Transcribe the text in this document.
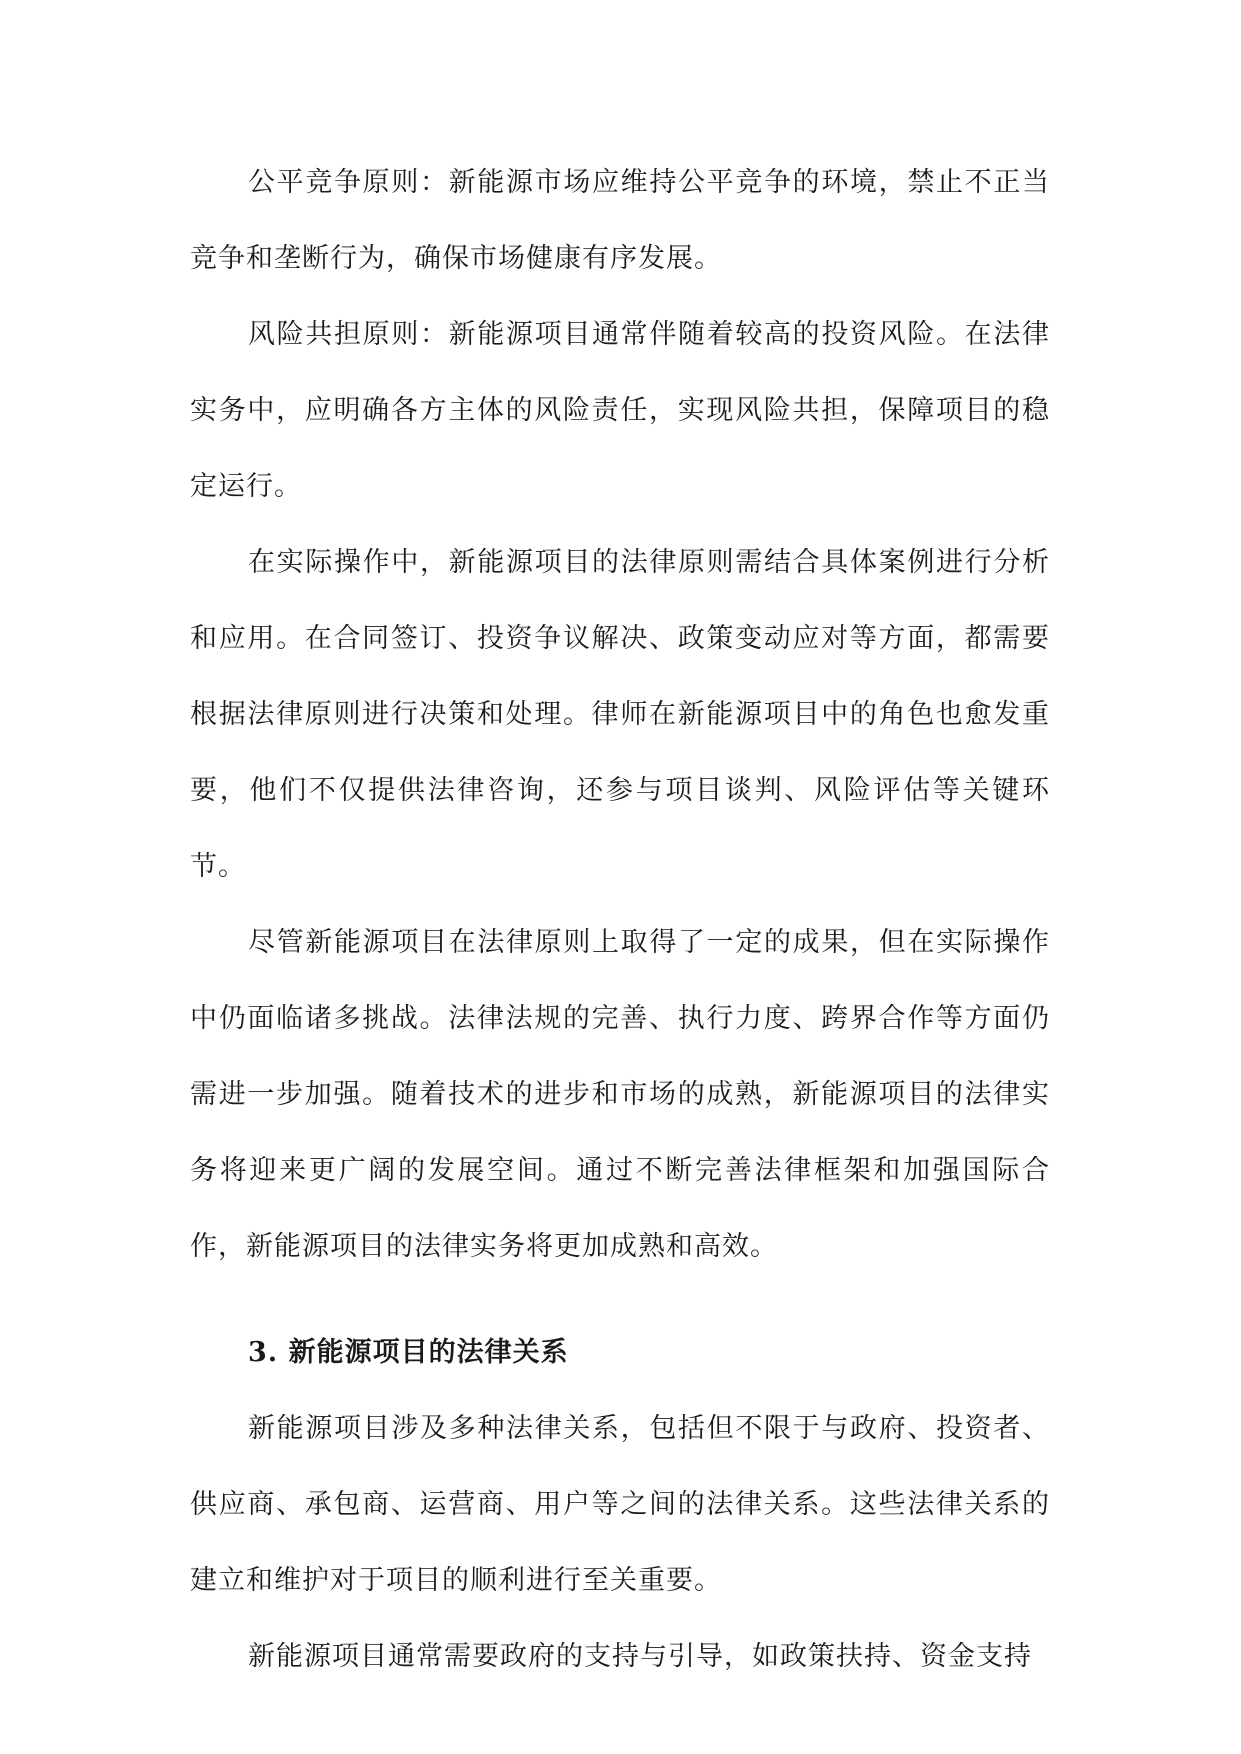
公平竞争原则：新能源市场应维持公平竞争的环境，禁止不正当竞争和垄断行为，确保市场健康有序发展。

风险共担原则：新能源项目通常伴随着较高的投资风险。在法律实务中，应明确各方主体的风险责任，实现风险共担，保障项目的稳定运行。

在实际操作中，新能源项目的法律原则需结合具体案例进行分析和应用。在合同签订、投资争议解决、政策变动应对等方面，都需要根据法律原则进行决策和处理。律师在新能源项目中的角色也愈发重要，他们不仅提供法律咨询，还参与项目谈判、风险评估等关键环节。

尽管新能源项目在法律原则上取得了一定的成果，但在实际操作中仍面临诸多挑战。法律法规的完善、执行力度、跨界合作等方面仍需进一步加强。随着技术的进步和市场的成熟，新能源项目的法律实务将迎来更广阔的发展空间。通过不断完善法律框架和加强国际合作，新能源项目的法律实务将更加成熟和高效。

3. 新能源项目的法律关系

新能源项目涉及多种法律关系，包括但不限于与政府、投资者、供应商、承包商、运营商、用户等之间的法律关系。这些法律关系的建立和维护对于项目的顺利进行至关重要。

新能源项目通常需要政府的支持与引导，如政策扶持、资金支持
